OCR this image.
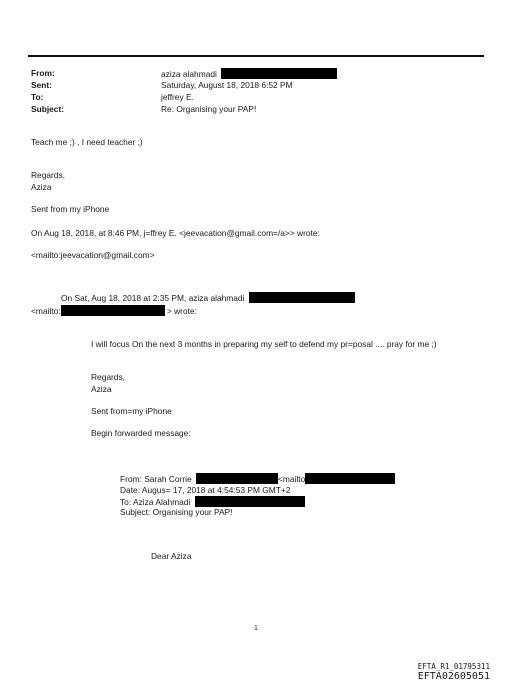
From:	aziza alahmadi
Sent:	Saturday, August 18, 2018 6:52 PM
To:	jeffrey E.
Subject:	Re: Organising your PAP!
Teach me ;) , I need teacher ;)
Regards,
Aziza
Sent from my iPhone
On Aug 18, 2018, at 8:46 PM, j=ffrey E. <jeevacation@gmail.com=/a>> wrote:
<mailto:jeevacation@gmail.com>
On Sat, Aug 18, 2018 at 2:35 PM, aziza alahmadi
<mailto:	> wrote:
I will focus On the next 3 months in preparing my self to defend my pr=posal .... pray for me ;)
Regards,
Aziza
Sent from=my iPhone
Begin forwarded message:
From: Sarah Corrie	<mailto
Date: Augus= 17, 2018 at 4:54:53 PM GMT+2
To: Aziza Alahmadi
Subject: Organising your PAP!
Dear Aziza
1
EFTA_R1_01795311
EFTA02605051
